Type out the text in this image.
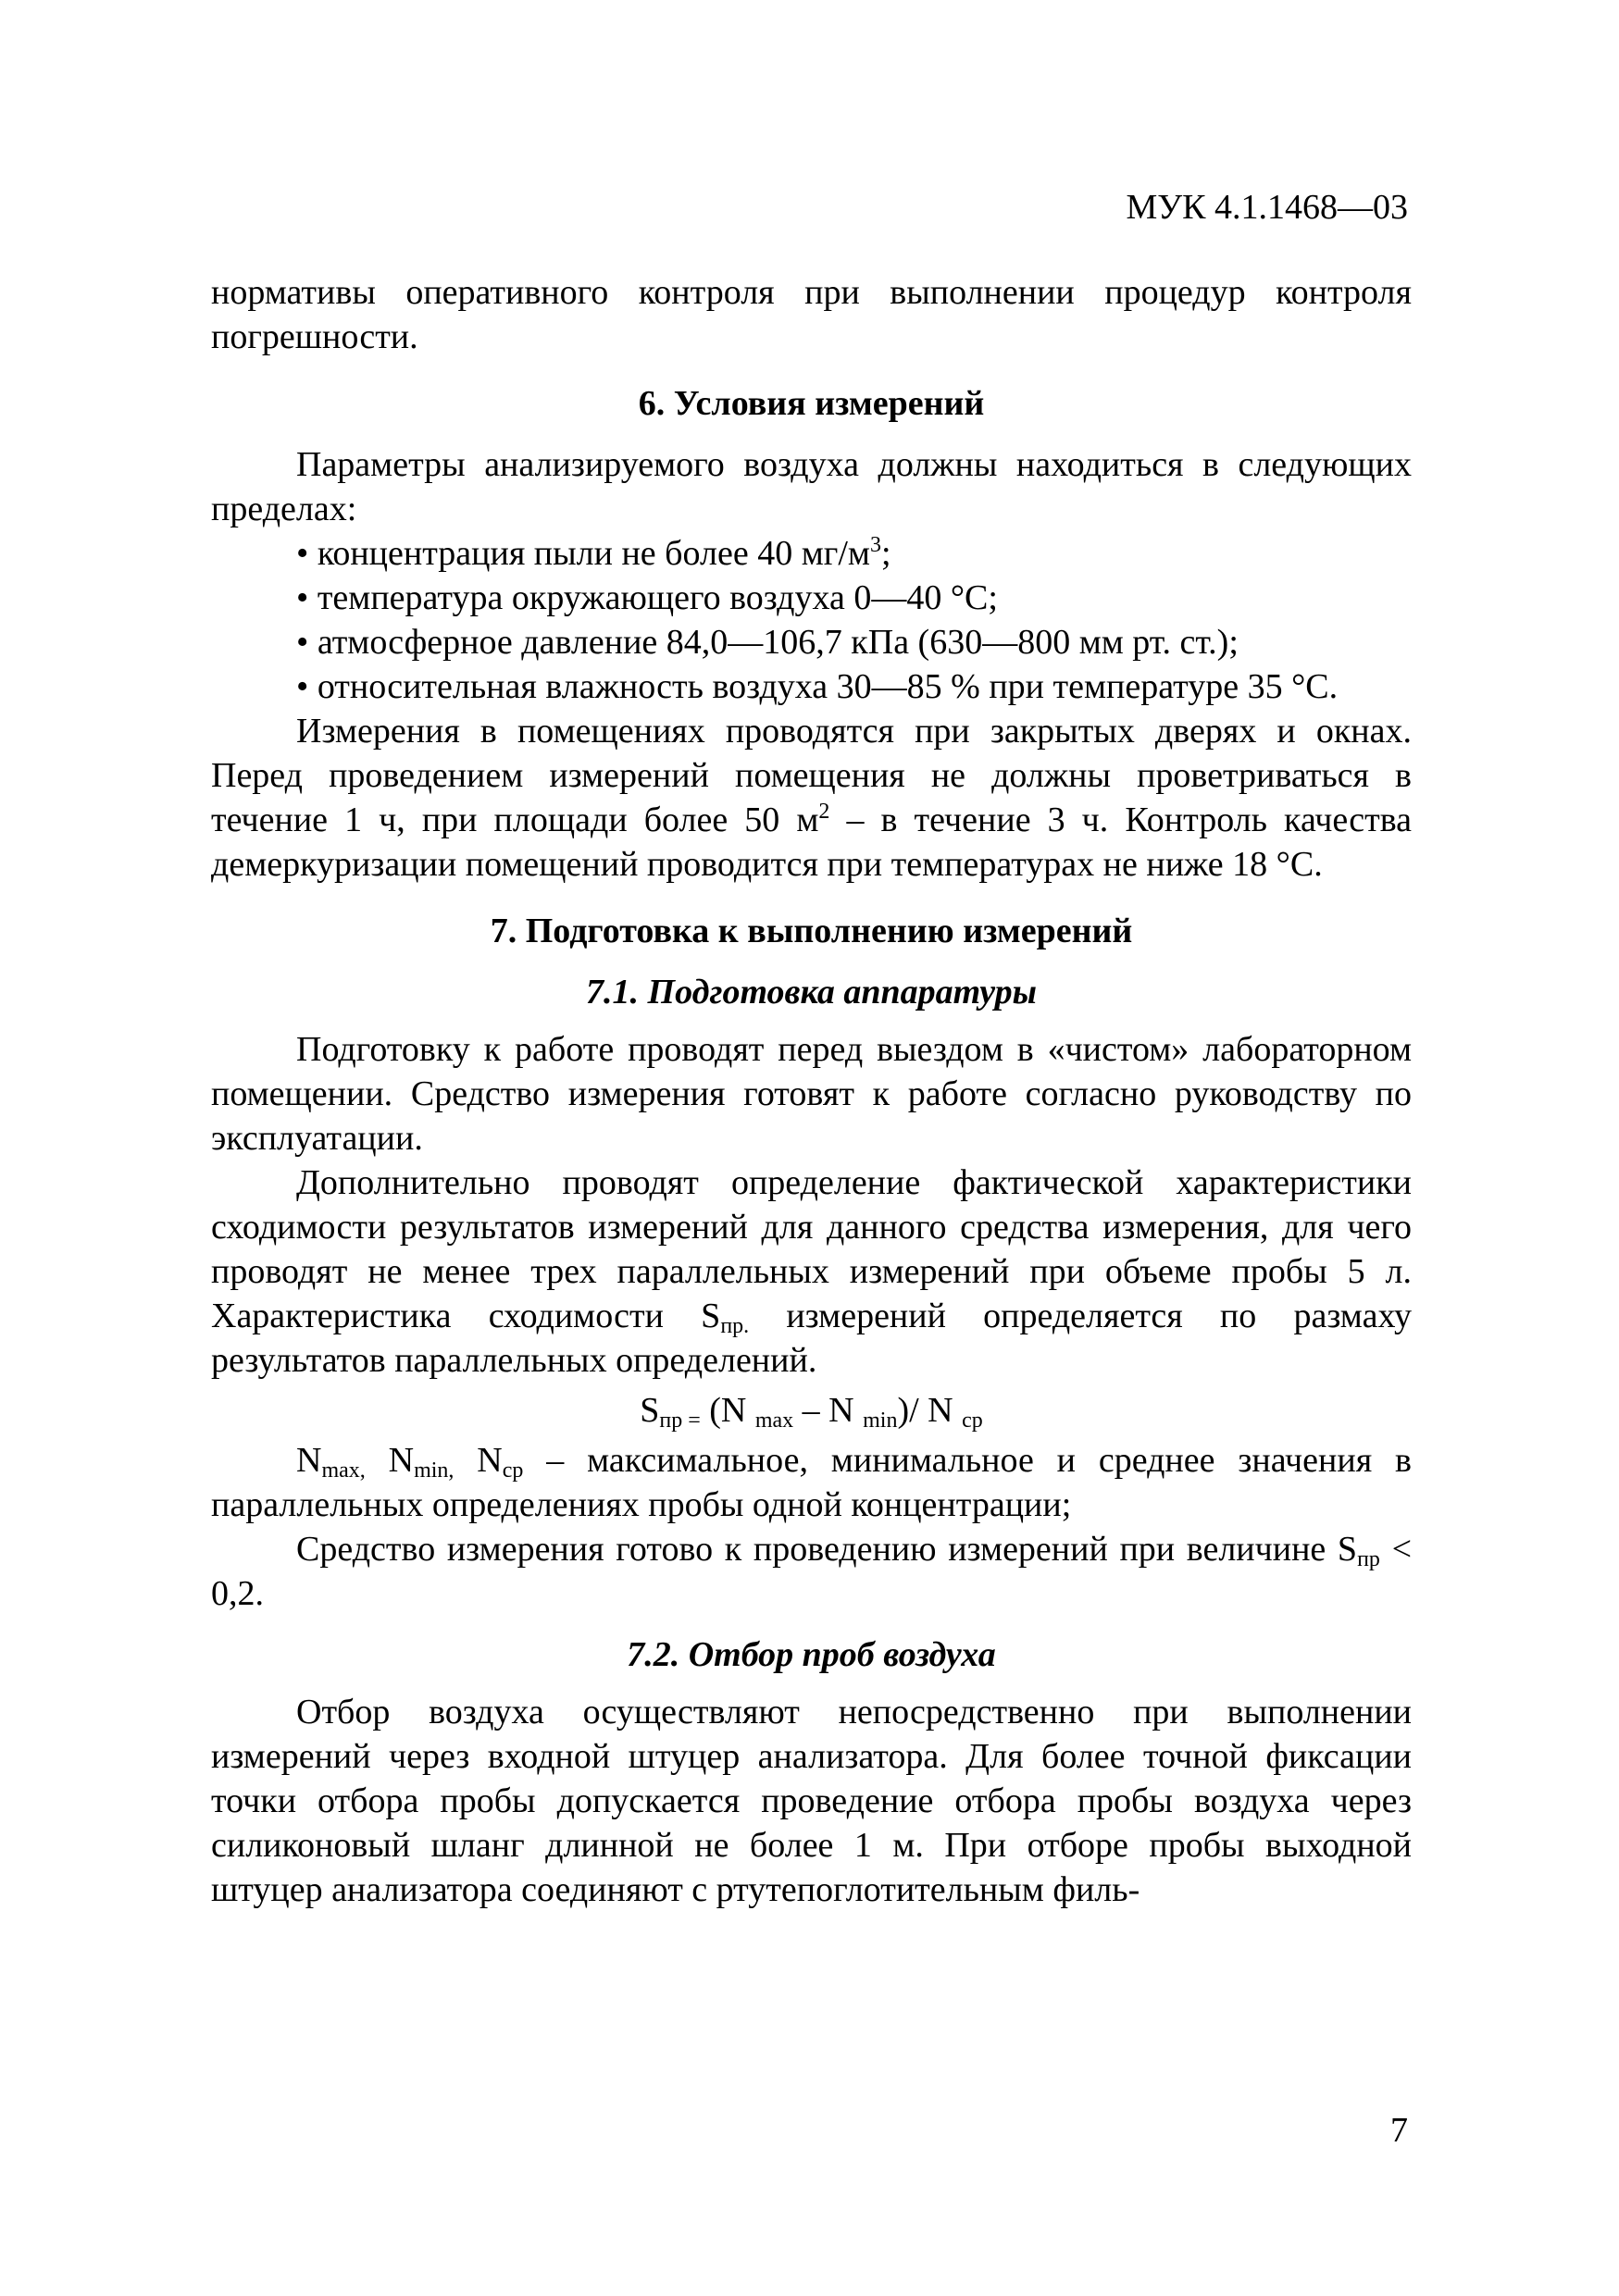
МУК 4.1.1468—03

нормативы оперативного контроля при выполнении процедур контроля погрешности.

6. Условия измерений

Параметры анализируемого воздуха должны находиться в следующих пределах:

• концентрация пыли не более 40 $мг/м^3$;

• температура окружающего воздуха 0—40 °С;

• атмосферное давление 84,0—106,7 кПа (630—800 мм рт. ст.);

• относительная влажность воздуха 30—85 % при температуре 35 °С.

Измерения в помещениях проводятся при закрытых дверях и окнах. Перед проведением измерений помещения не должны проветриваться в течение 1 ч, при площади более 50 $м^2$ – в течение 3 ч. Контроль качества демеркуризации помещений проводится при температурах не ниже 18 °С.

7. Подготовка к выполнению измерений
7.1. Подготовка аппаратуры

Подготовку к работе проводят перед выездом в «чистом» лабораторном помещении. Средство измерения готовят к работе согласно руководству по эксплуатации.

Дополнительно проводят определение фактической характеристики сходимости результатов измерений для данного средства измерения, для чего проводят не менее трех параллельных измерений при объеме пробы 5 л. Характеристика сходимости $S_{пр.}$ измерений определяется по размаху результатов параллельных определений.

$S_{пр =}$ (N $_{max}$ – N $_{min}$)/ N $_{ср}$

$N_{max,}$ $N_{min,}$ $N_{ср}$ – максимальное, минимальное и среднее значения в параллельных определениях пробы одной концентрации;

Средство измерения готово к проведению измерений при величине $S_{пр} < 0,2$.

7.2. Отбор проб воздуха

Отбор воздуха осуществляют непосредственно при выполнении измерений через входной штуцер анализатора. Для более точной фиксации точки отбора пробы допускается проведение отбора пробы воздуха через силиконовый шланг длинной не более 1 м. При отборе пробы выходной штуцер анализатора соединяют с ртутепоглотительным филь-

7
